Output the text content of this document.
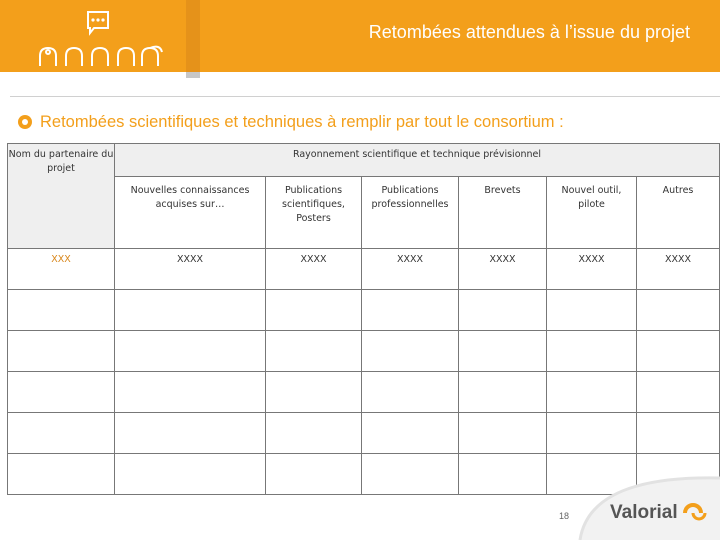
Retombées attendues à l’issue du projet
Retombées scientifiques et techniques à remplir par tout le consortium :
Nom du partenaire du projet	Rayonnement scientifique et technique prévisionnel					

	Nouvelles connaissances acquises sur…	Publications scientifiques, Posters	Publications professionnelles	Brevets	Nouvel outil, pilote	Autres

XXX	XXXX	XXXX	XXXX	XXXX	XXXX	XXXX

18 Valorial
